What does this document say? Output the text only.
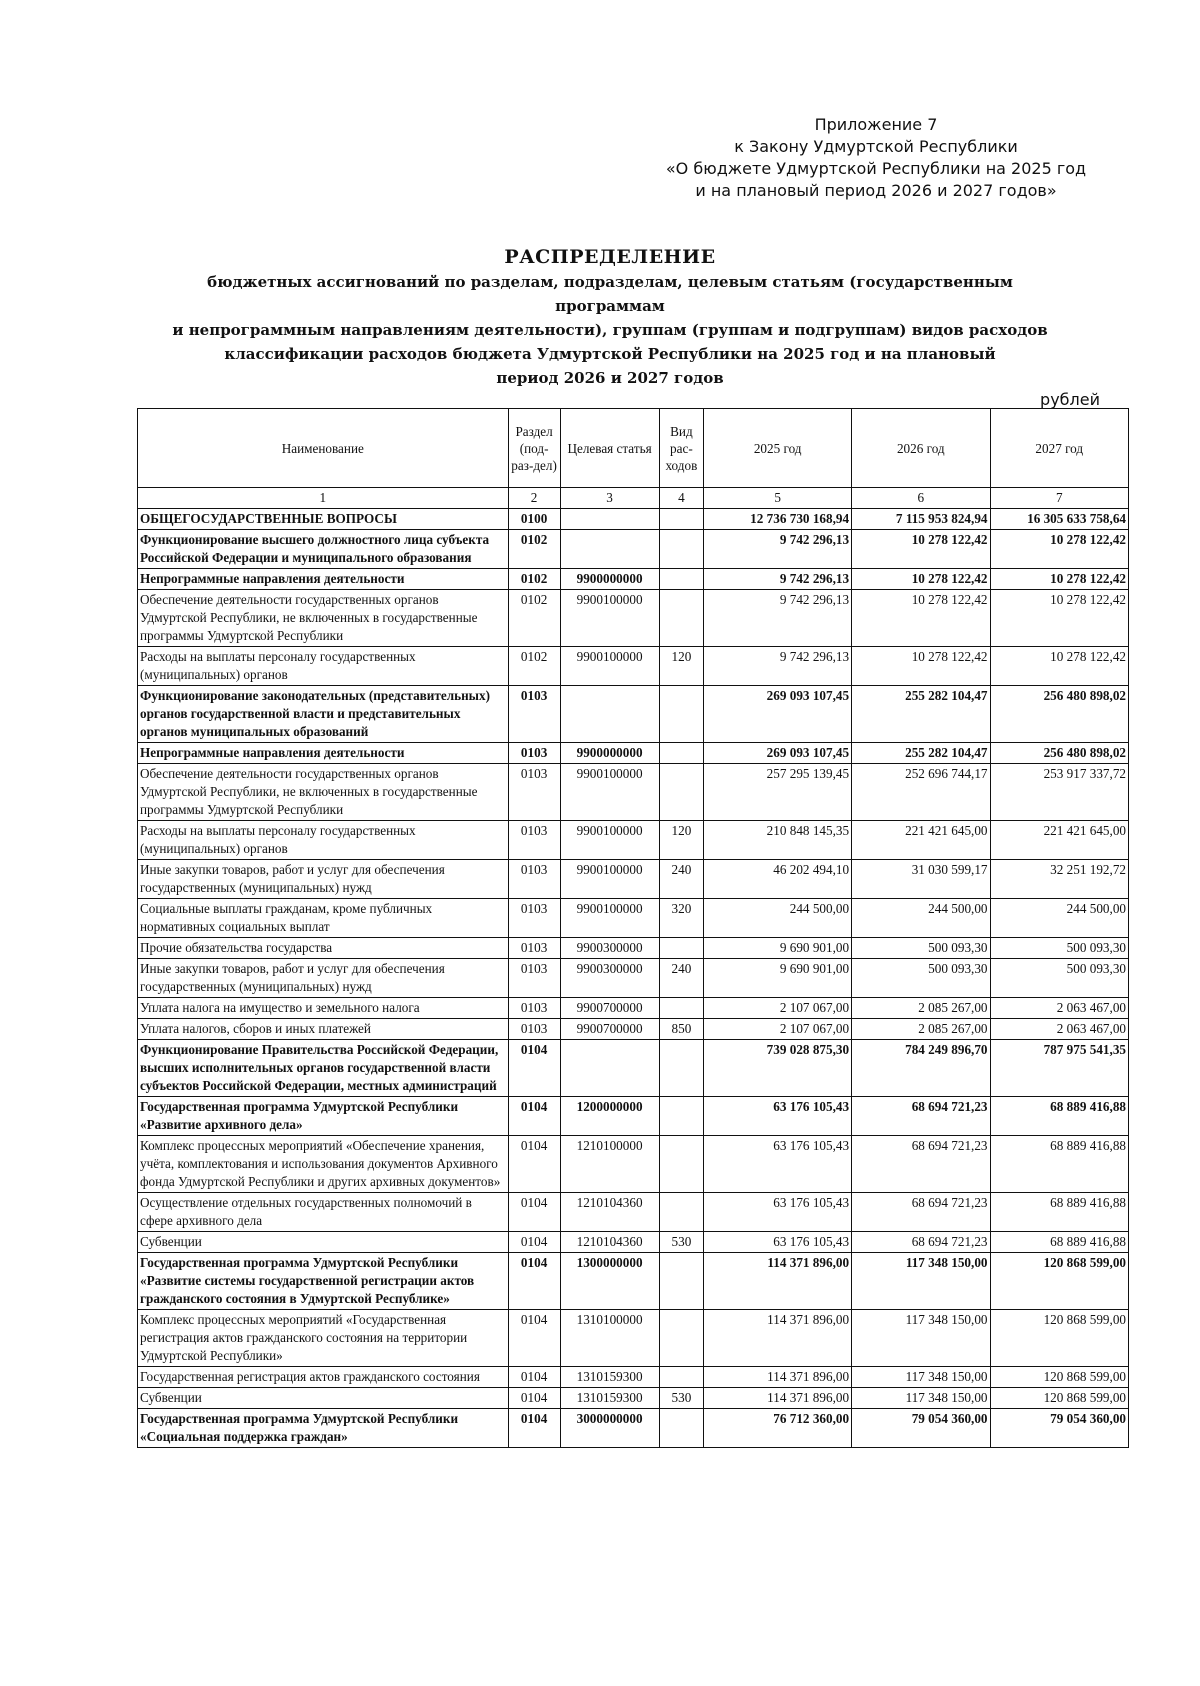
Приложение 7
к Закону Удмуртской Республики
«О бюджете Удмуртской Республики на 2025 год
и на плановый период 2026 и 2027 годов»
РАСПРЕДЕЛЕНИЕ
бюджетных ассигнований по разделам, подразделам, целевым статьям (государственным программам
и непрограммным направлениям деятельности), группам (группам и подгруппам) видов расходов
классификации расходов бюджета Удмуртской Республики на 2025 год и на плановый
период 2026 и 2027 годов
рублей
Наименование	Раздел (под-раз-дел)	Целевая статья	Вид рас-ходов	2025 год	2026 год	2027 год
1	2	3	4	5	6	7
ОБЩЕГОСУДАРСТВЕННЫЕ ВОПРОСЫ	0100			12 736 730 168,94	7 115 953 824,94	16 305 633 758,64
Функционирование высшего должностного лица субъекта Российской Федерации и муниципального образования	0102			9 742 296,13	10 278 122,42	10 278 122,42
Непрограммные направления деятельности	0102	9900000000		9 742 296,13	10 278 122,42	10 278 122,42
Обеспечение деятельности государственных органов Удмуртской Республики, не включенных в государственные программы Удмуртской Республики	0102	9900100000		9 742 296,13	10 278 122,42	10 278 122,42
Расходы на выплаты персоналу государственных (муниципальных) органов	0102	9900100000	120	9 742 296,13	10 278 122,42	10 278 122,42
Функционирование законодательных (представительных) органов государственной власти и представительных органов муниципальных образований	0103			269 093 107,45	255 282 104,47	256 480 898,02
Непрограммные направления деятельности	0103	9900000000		269 093 107,45	255 282 104,47	256 480 898,02
Обеспечение деятельности государственных органов Удмуртской Республики, не включенных в государственные программы Удмуртской Республики	0103	9900100000		257 295 139,45	252 696 744,17	253 917 337,72
Расходы на выплаты персоналу государственных (муниципальных) органов	0103	9900100000	120	210 848 145,35	221 421 645,00	221 421 645,00
Иные закупки товаров, работ и услуг для обеспечения государственных (муниципальных) нужд	0103	9900100000	240	46 202 494,10	31 030 599,17	32 251 192,72
Социальные выплаты гражданам, кроме публичных нормативных социальных выплат	0103	9900100000	320	244 500,00	244 500,00	244 500,00
Прочие обязательства государства	0103	9900300000		9 690 901,00	500 093,30	500 093,30
Иные закупки товаров, работ и услуг для обеспечения государственных (муниципальных) нужд	0103	9900300000	240	9 690 901,00	500 093,30	500 093,30
Уплата налога на имущество и земельного налога	0103	9900700000		2 107 067,00	2 085 267,00	2 063 467,00
Уплата налогов, сборов и иных платежей	0103	9900700000	850	2 107 067,00	2 085 267,00	2 063 467,00
Функционирование Правительства Российской Федерации, высших исполнительных органов государственной власти субъектов Российской Федерации, местных администраций	0104			739 028 875,30	784 249 896,70	787 975 541,35
Государственная программа Удмуртской Республики «Развитие архивного дела»	0104	1200000000		63 176 105,43	68 694 721,23	68 889 416,88
Комплекс процессных мероприятий «Обеспечение хранения, учёта, комплектования и использования документов Архивного фонда Удмуртской Республики и других архивных документов»	0104	1210100000		63 176 105,43	68 694 721,23	68 889 416,88
Осуществление отдельных государственных полномочий в сфере архивного дела	0104	1210104360		63 176 105,43	68 694 721,23	68 889 416,88
Субвенции	0104	1210104360	530	63 176 105,43	68 694 721,23	68 889 416,88
Государственная программа Удмуртской Республики «Развитие системы государственной регистрации актов гражданского состояния в Удмуртской Республике»	0104	1300000000		114 371 896,00	117 348 150,00	120 868 599,00
Комплекс процессных мероприятий «Государственная регистрация актов гражданского состояния на территории Удмуртской Республики»	0104	1310100000		114 371 896,00	117 348 150,00	120 868 599,00
Государственная регистрация актов гражданского состояния	0104	1310159300		114 371 896,00	117 348 150,00	120 868 599,00
Субвенции	0104	1310159300	530	114 371 896,00	117 348 150,00	120 868 599,00
Государственная программа Удмуртской Республики «Социальная поддержка граждан»	0104	3000000000		76 712 360,00	79 054 360,00	79 054 360,00
